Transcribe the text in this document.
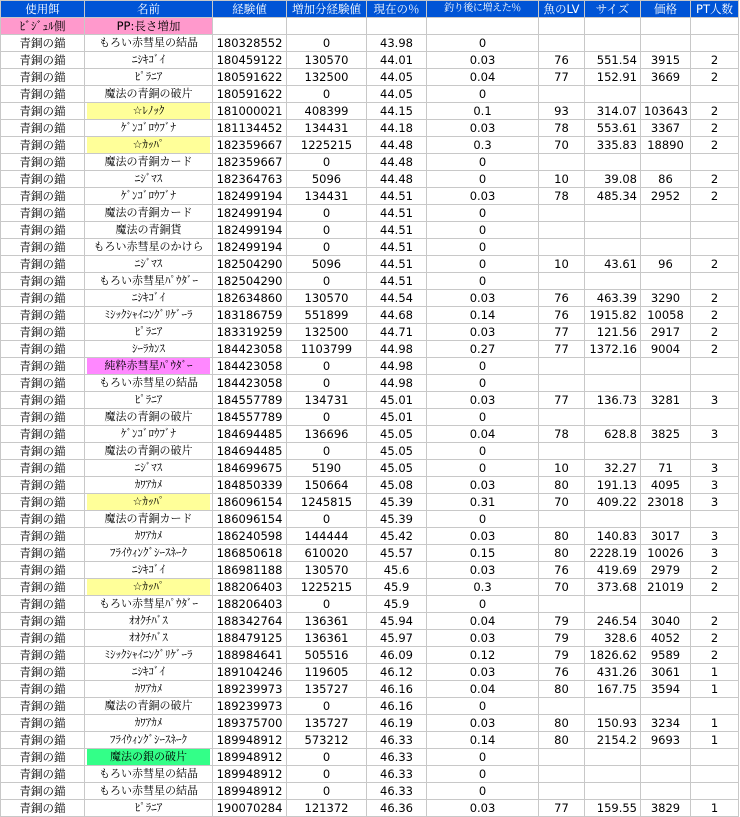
使用餌	名前	経験値	増加分経験値	現在の％	釣り後に増えた％	魚のLV	サイズ	価格	PT人数
ﾋﾞｼﾞｭﾙ側	PP:長さ増加								
青銅の錨	もろい赤彗星の結晶	180328552	0	43.98	0				
青銅の錨	ﾆｼｷｺﾞｲ	180459122	130570	44.01	0.03	76	551.54	3915	2
青銅の錨	ﾋﾟﾗﾆｱ	180591622	132500	44.05	0.04	77	152.91	3669	2
青銅の錨	魔法の青銅の破片	180591622	0	44.05	0				
青銅の錨	☆ﾚﾉｯｸ	181000021	408399	44.15	0.1	93	314.07	103643	2
青銅の錨	ｹﾞﾝｺﾞﾛｳﾌﾞﾅ	181134452	134431	44.18	0.03	78	553.61	3367	2
青銅の錨	☆ｶｯﾊﾟ	182359667	1225215	44.48	0.3	70	335.83	18890	2
青銅の錨	魔法の青銅カード	182359667	0	44.48	0				
青銅の錨	ﾆｼﾞﾏｽ	182364763	5096	44.48	0	10	39.08	86	2
青銅の錨	ｹﾞﾝｺﾞﾛｳﾌﾞﾅ	182499194	134431	44.51	0.03	78	485.34	2952	2
青銅の錨	魔法の青銅カード	182499194	0	44.51	0				
青銅の錨	魔法の青銅貨	182499194	0	44.51	0				
青銅の錨	もろい赤彗星のかけら	182499194	0	44.51	0				
青銅の錨	ﾆｼﾞﾏｽ	182504290	5096	44.51	0	10	43.61	96	2
青銅の錨	もろい赤彗星ﾊﾟｳﾀﾞｰ	182504290	0	44.51	0				
青銅の錨	ﾆｼｷｺﾞｲ	182634860	130570	44.54	0.03	76	463.39	3290	2
青銅の錨	ﾐｼｯｸｼｬｲﾆﾝｸﾞﾘｹﾞｰﾗ	183186759	551899	44.68	0.14	76	1915.82	10058	2
青銅の錨	ﾋﾟﾗﾆｱ	183319259	132500	44.71	0.03	77	121.56	2917	2
青銅の錨	ｼｰﾗｶﾝｽ	184423058	1103799	44.98	0.27	77	1372.16	9004	2
青銅の錨	純粋赤彗星ﾊﾟｳﾀﾞｰ	184423058	0	44.98	0				
青銅の錨	もろい赤彗星の結晶	184423058	0	44.98	0				
青銅の錨	ﾋﾟﾗﾆｱ	184557789	134731	45.01	0.03	77	136.73	3281	3
青銅の錨	魔法の青銅の破片	184557789	0	45.01	0				
青銅の錨	ｹﾞﾝｺﾞﾛｳﾌﾞﾅ	184694485	136696	45.05	0.04	78	628.8	3825	3
青銅の錨	魔法の青銅の破片	184694485	0	45.05	0				
青銅の錨	ﾆｼﾞﾏｽ	184699675	5190	45.05	0	10	32.27	71	3
青銅の錨	ｶﾜｱｶﾒ	184850339	150664	45.08	0.03	80	191.13	4095	3
青銅の錨	☆ｶｯﾊﾟ	186096154	1245815	45.39	0.31	70	409.22	23018	3
青銅の錨	魔法の青銅カード	186096154	0	45.39	0				
青銅の錨	ｶﾜｱｶﾒ	186240598	144444	45.42	0.03	80	140.83	3017	3
青銅の錨	ﾌﾗｲｳｨﾝｸﾞｼｰｽﾈｰｸ	186850618	610020	45.57	0.15	80	2228.19	10026	3
青銅の錨	ﾆｼｷｺﾞｲ	186981188	130570	45.6	0.03	76	419.69	2979	2
青銅の錨	☆ｶｯﾊﾟ	188206403	1225215	45.9	0.3	70	373.68	21019	2
青銅の錨	もろい赤彗星ﾊﾟｳﾀﾞｰ	188206403	0	45.9	0				
青銅の錨	ｵｵｸﾁﾊﾞｽ	188342764	136361	45.94	0.04	79	246.54	3040	2
青銅の錨	ｵｵｸﾁﾊﾞｽ	188479125	136361	45.97	0.03	79	328.6	4052	2
青銅の錨	ﾐｼｯｸｼｬｲﾆﾝｸﾞﾘｹﾞｰﾗ	188984641	505516	46.09	0.12	79	1826.62	9589	2
青銅の錨	ﾆｼｷｺﾞｲ	189104246	119605	46.12	0.03	76	431.26	3061	1
青銅の錨	ｶﾜｱｶﾒ	189239973	135727	46.16	0.04	80	167.75	3594	1
青銅の錨	魔法の青銅の破片	189239973	0	46.16	0				
青銅の錨	ｶﾜｱｶﾒ	189375700	135727	46.19	0.03	80	150.93	3234	1
青銅の錨	ﾌﾗｲｳｨﾝｸﾞｼｰｽﾈｰｸ	189948912	573212	46.33	0.14	80	2154.2	9693	1
青銅の錨	魔法の銀の破片	189948912	0	46.33	0				
青銅の錨	もろい赤彗星の結晶	189948912	0	46.33	0				
青銅の錨	もろい赤彗星の結晶	189948912	0	46.33	0				
青銅の錨	ﾋﾟﾗﾆｱ	190070284	121372	46.36	0.03	77	159.55	3829	1
